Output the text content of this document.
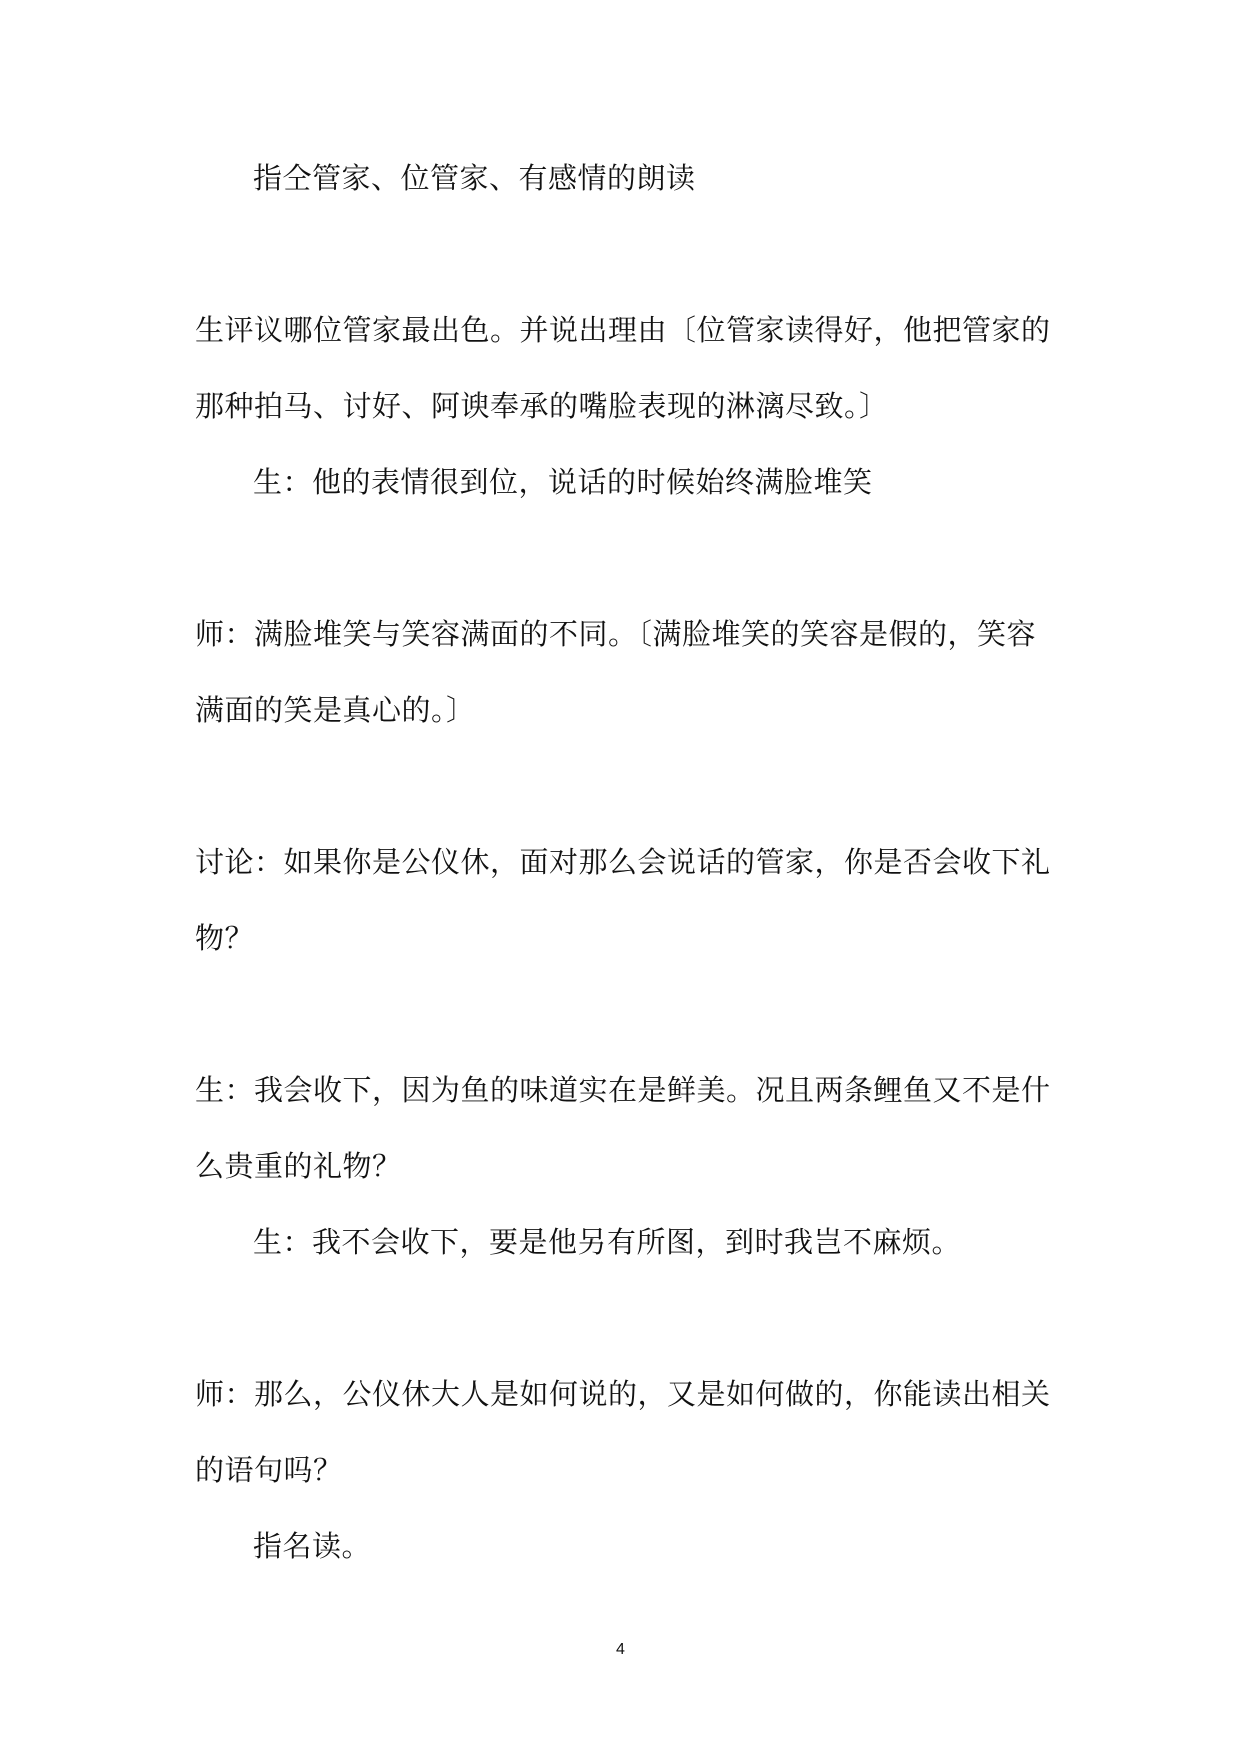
指仝管家、位管家、有感情的朗读

生评议哪位管家最出色。并说出理由〔位管家读得好，他把管家的
那种拍马、讨好、阿谀奉承的嘴脸表现的淋漓尽致。〕

生：他的表情很到位，说话的时候始终满脸堆笑

师：满脸堆笑与笑容满面的不同。〔满脸堆笑的笑容是假的，笑容
满面的笑是真心的。〕

讨论：如果你是公仪休，面对那么会说话的管家，你是否会收下礼
物？

生：我会收下，因为鱼的味道实在是鲜美。况且两条鲤鱼又不是什
么贵重的礼物？

生：我不会收下，要是他另有所图，到时我岂不麻烦。

师：那么，公仪休大人是如何说的，又是如何做的，你能读出相关
的语句吗？

指名读。

4
